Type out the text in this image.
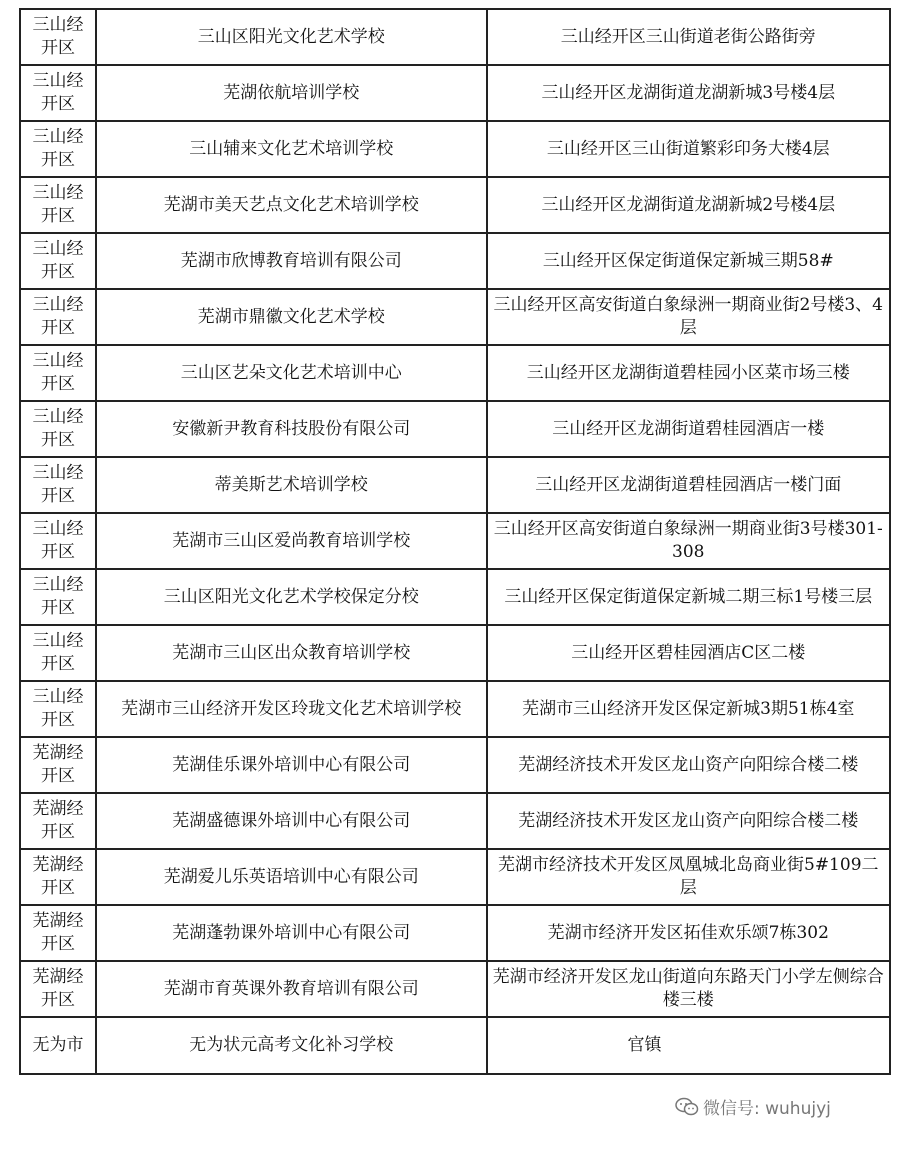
三山经开区	三山区阳光文化艺术学校	三山经开区三山街道老街公路街旁
三山经开区	芜湖依航培训学校	三山经开区龙湖街道龙湖新城3号楼4层
三山经开区	三山辅来文化艺术培训学校	三山经开区三山街道繁彩印务大楼4层
三山经开区	芜湖市美天艺点文化艺术培训学校	三山经开区龙湖街道龙湖新城2号楼4层
三山经开区	芜湖市欣博教育培训有限公司	三山经开区保定街道保定新城三期58#
三山经开区	芜湖市鼎徽文化艺术学校	三山经开区高安街道白象绿洲一期商业街2号楼3、4层
三山经开区	三山区艺朵文化艺术培训中心	三山经开区龙湖街道碧桂园小区菜市场三楼
三山经开区	安徽新尹教育科技股份有限公司	三山经开区龙湖街道碧桂园酒店一楼
三山经开区	蒂美斯艺术培训学校	三山经开区龙湖街道碧桂园酒店一楼门面
三山经开区	芜湖市三山区爱尚教育培训学校	三山经开区高安街道白象绿洲一期商业街3号楼301-308
三山经开区	三山区阳光文化艺术学校保定分校	三山经开区保定街道保定新城二期三标1号楼三层
三山经开区	芜湖市三山区出众教育培训学校	三山经开区碧桂园酒店C区二楼
三山经开区	芜湖市三山经济开发区玲珑文化艺术培训学校	芜湖市三山经济开发区保定新城3期51栋4室
芜湖经开区	芜湖佳乐课外培训中心有限公司	芜湖经济技术开发区龙山资产向阳综合楼二楼
芜湖经开区	芜湖盛德课外培训中心有限公司	芜湖经济技术开发区龙山资产向阳综合楼二楼
芜湖经开区	芜湖爱儿乐英语培训中心有限公司	芜湖市经济技术开发区凤凰城北岛商业街5#109二层
芜湖经开区	芜湖蓬勃课外培训中心有限公司	芜湖市经济开发区拓佳欢乐颂7栋302
芜湖经开区	芜湖市育英课外教育培训有限公司	芜湖市经济开发区龙山街道向东路天门小学左侧综合楼三楼
无为市	无为状元高考文化补习学校	官镇
微信号: wuhujyj
